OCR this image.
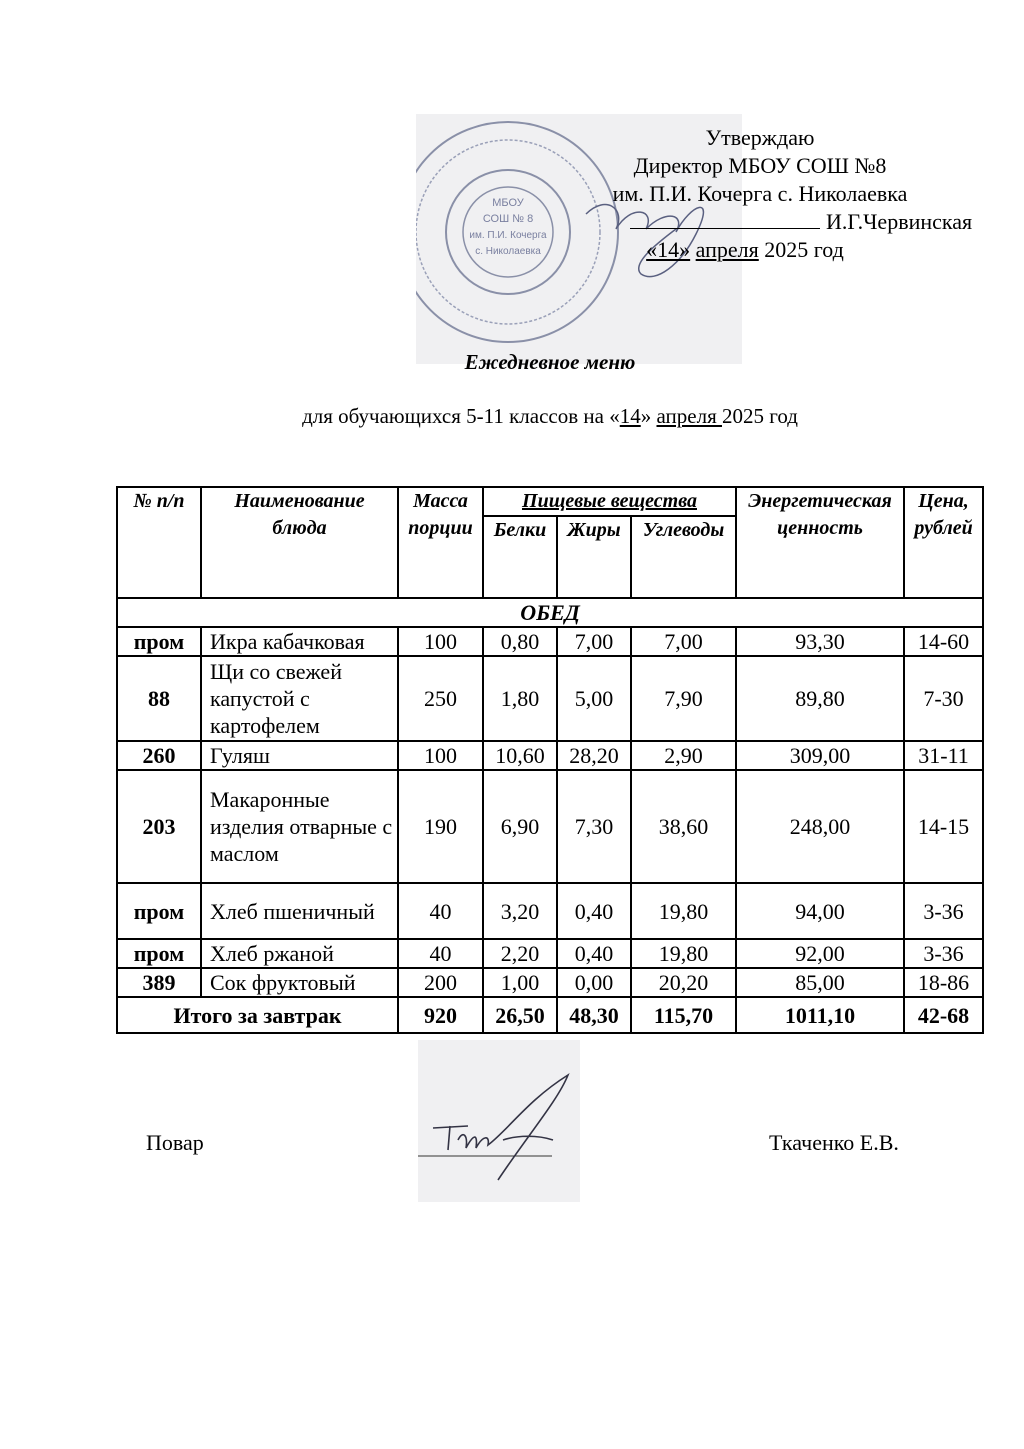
МБОУ
СОШ № 8
им. П.И. Кочерга
с. Николаевка
Утверждаю
Директор МБОУ СОШ №8
им. П.И. Кочерга с. Николаевка
И.Г.Червинская
«14» апреля 2025 год
Ежедневное меню
для обучающихся 5-11 классов на «14» апреля 2025 год
№ п/п	Наименование блюда	Масса порции	Пищевые вещества			Энергетическая ценность	Цена, рублей
			Белки	Жиры	Углеводы		
ОБЕД							
пром	Икра кабачковая	100	0,80	7,00	7,00	93,30	14-60
88	Щи со свежей капустой с картофелем	250	1,80	5,00	7,90	89,80	7-30
260	Гуляш	100	10,60	28,20	2,90	309,00	31-11
203	Макаронные изделия отварные с маслом	190	6,90	7,30	38,60	248,00	14-15
пром	Хлеб пшеничный	40	3,20	0,40	19,80	94,00	3-36
пром	Хлеб ржаной	40	2,20	0,40	19,80	92,00	3-36
389	Сок фруктовый	200	1,00	0,00	20,20	85,00	18-86
Итого за завтрак		920	26,50	48,30	115,70	1011,10	42-68
Повар	Ткаченко Е.В.
